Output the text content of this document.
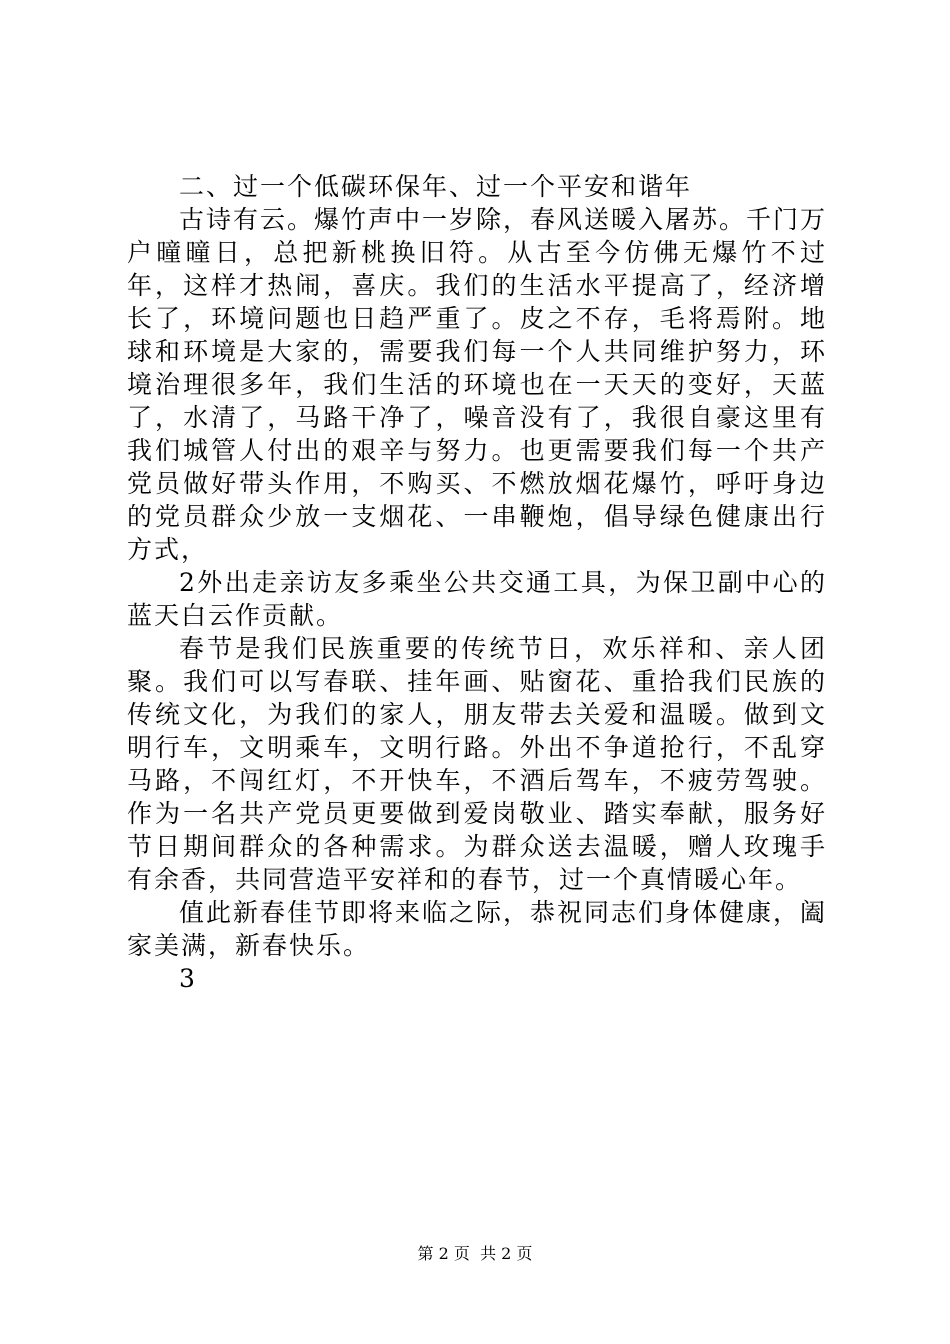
二、过一个低碳环保年、过一个平安和谐年

古诗有云。爆竹声中一岁除，春风送暖入屠苏。千门万户曈曈日，总把新桃换旧符。从古至今仿佛无爆竹不过年，这样才热闹，喜庆。我们的生活水平提高了，经济增长了，环境问题也日趋严重了。皮之不存，毛将焉附。地球和环境是大家的，需要我们每一个人共同维护努力，环境治理很多年，我们生活的环境也在一天天的变好，天蓝了，水清了，马路干净了，噪音没有了，我很自豪这里有我们城管人付出的艰辛与努力。也更需要我们每一个共产党员做好带头作用，不购买、不燃放烟花爆竹，呼吁身边的党员群众少放一支烟花、一串鞭炮，倡导绿色健康出行方式，

2外出走亲访友多乘坐公共交通工具，为保卫副中心的蓝天白云作贡献。

春节是我们民族重要的传统节日，欢乐祥和、亲人团聚。我们可以写春联、挂年画、贴窗花、重拾我们民族的传统文化，为我们的家人，朋友带去关爱和温暖。做到文明行车，文明乘车，文明行路。外出不争道抢行，不乱穿马路，不闯红灯，不开快车，不酒后驾车，不疲劳驾驶。作为一名共产党员更要做到爱岗敬业、踏实奉献，服务好节日期间群众的各种需求。为群众送去温暖，赠人玫瑰手有余香，共同营造平安祥和的春节，过一个真情暖心年。

值此新春佳节即将来临之际，恭祝同志们身体健康，阖家美满，新春快乐。

3

第 2 页  共 2 页
